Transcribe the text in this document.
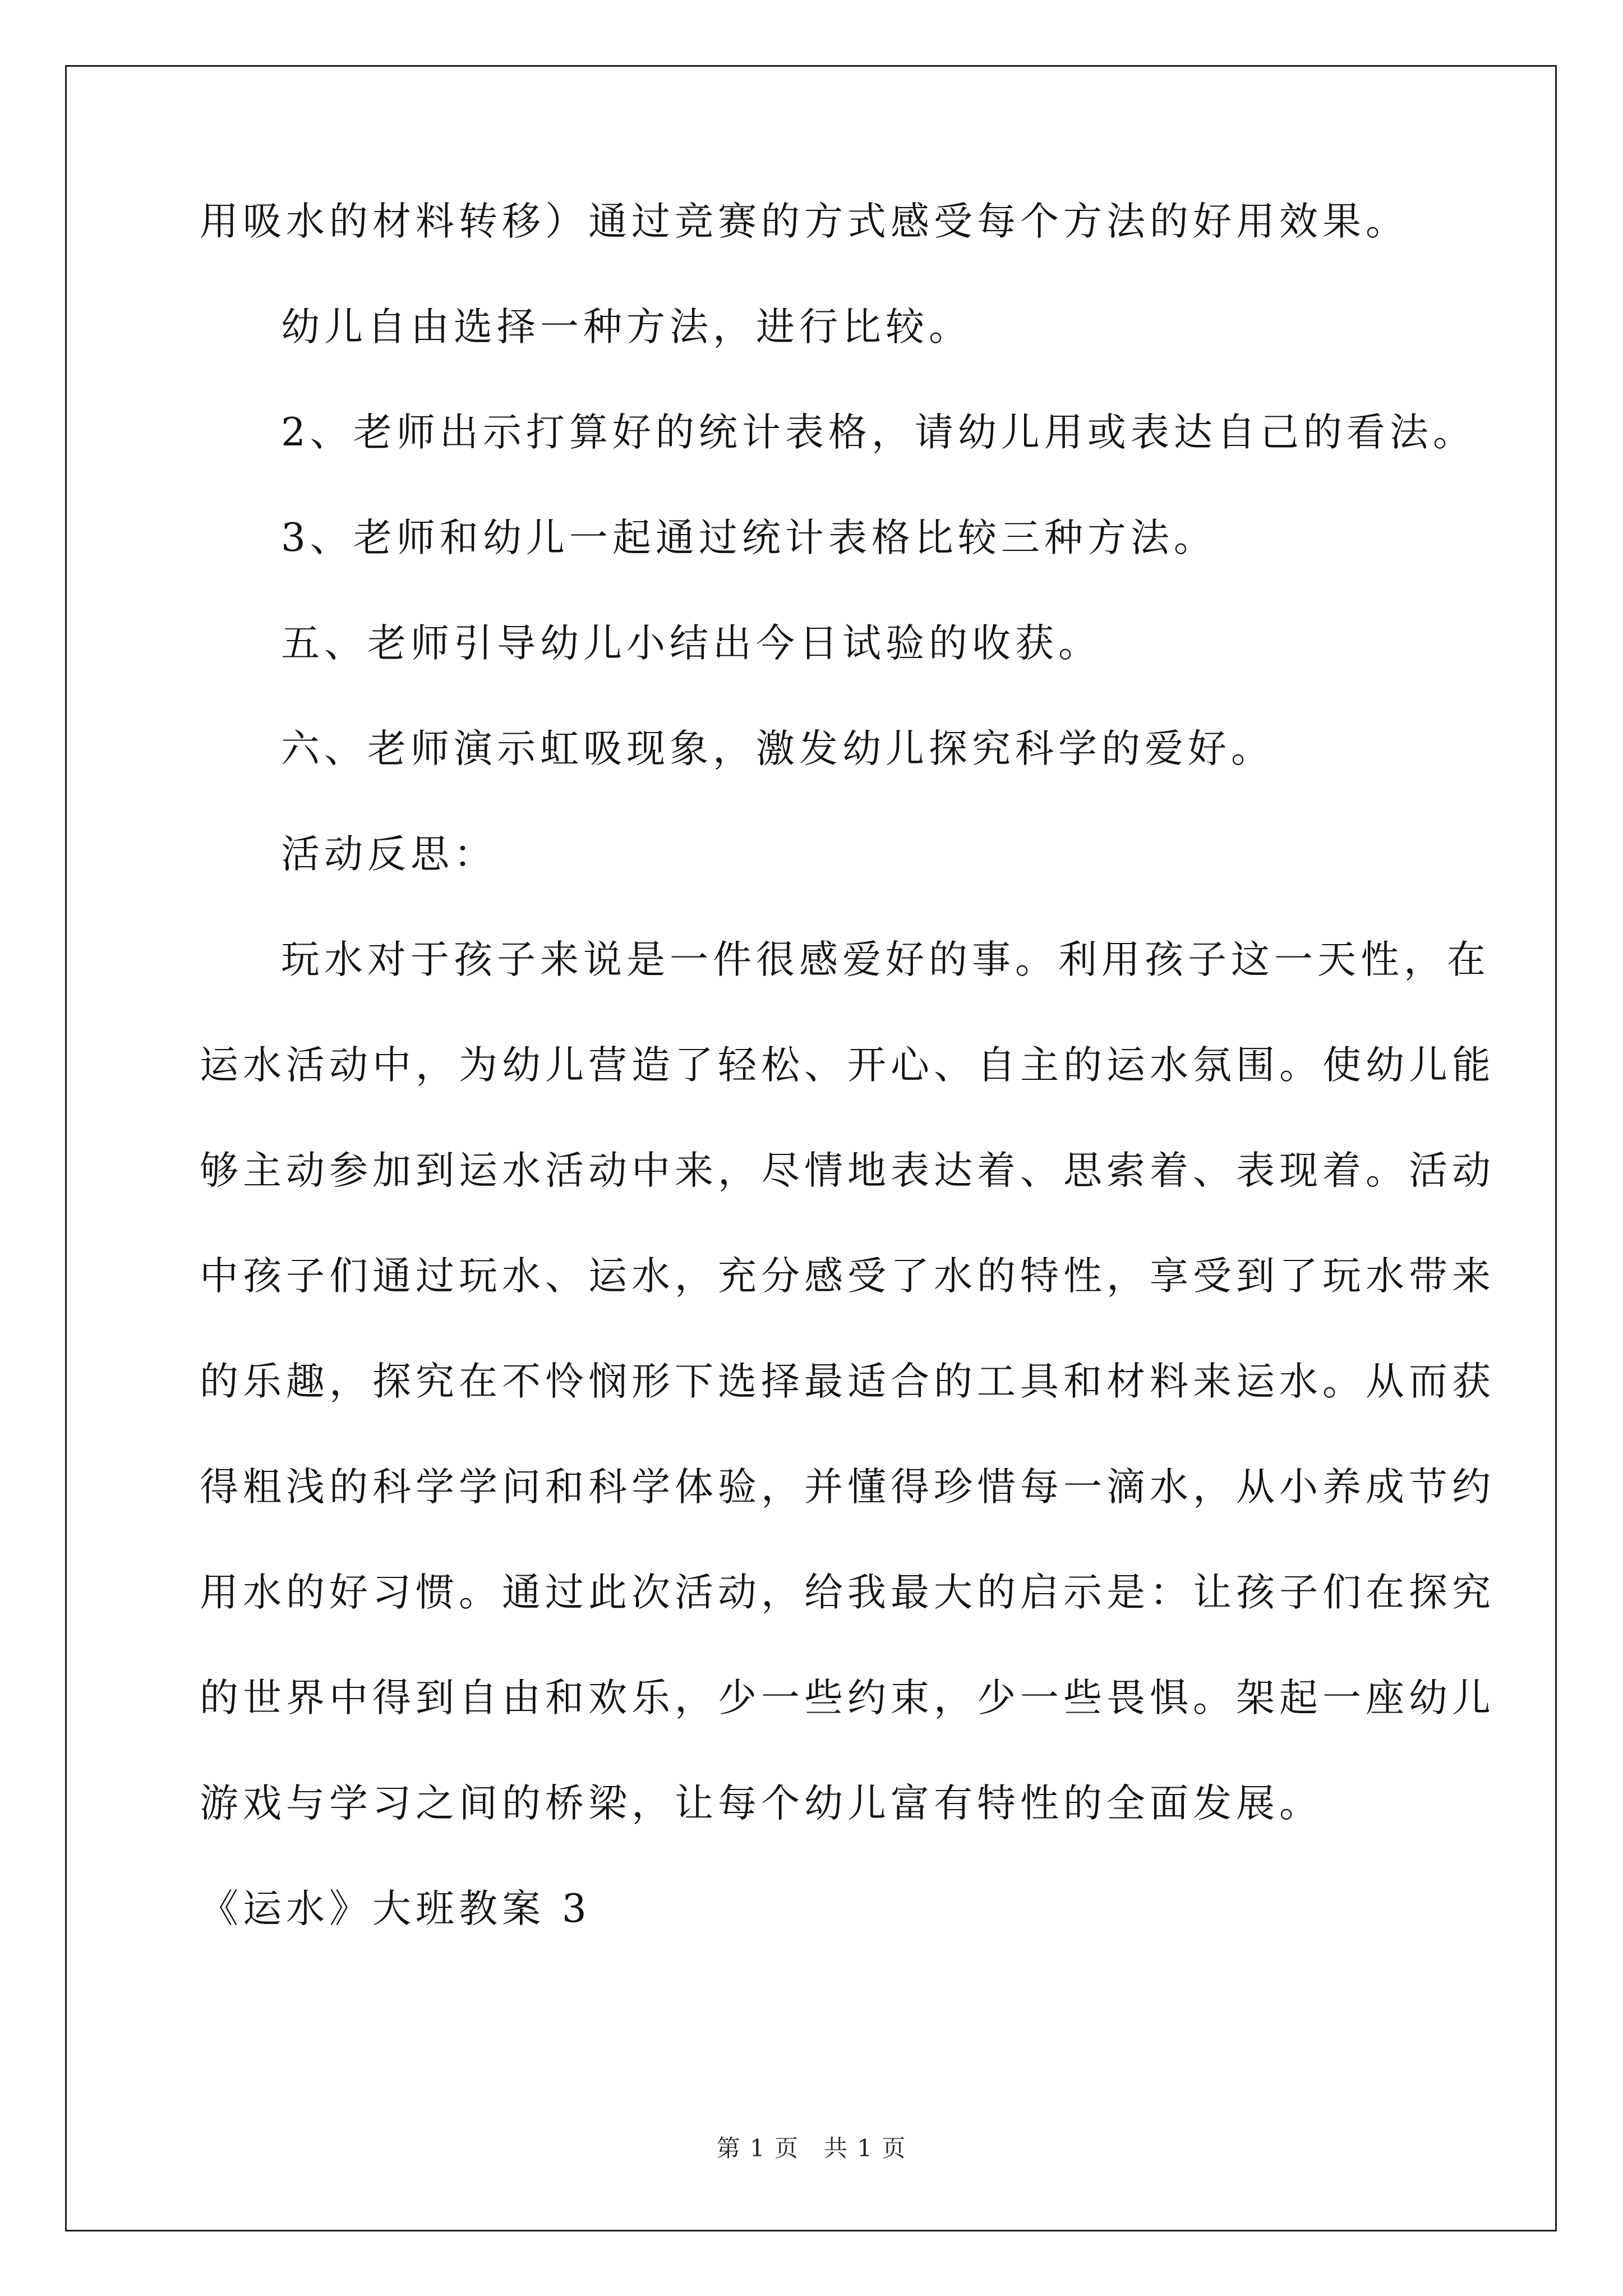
用吸水的材料转移）通过竞赛的方式感受每个方法的好用效果。
幼儿自由选择一种方法，进行比较。
2、老师出示打算好的统计表格，请幼儿用或表达自己的看法。
3、老师和幼儿一起通过统计表格比较三种方法。
五、老师引导幼儿小结出今日试验的收获。
六、老师演示虹吸现象，激发幼儿探究科学的爱好。
活动反思：
玩水对于孩子来说是一件很感爱好的事。利用孩子这一天性，在
运水活动中，为幼儿营造了轻松、开心、自主的运水氛围。使幼儿能
够主动参加到运水活动中来，尽情地表达着、思索着、表现着。活动
中孩子们通过玩水、运水，充分感受了水的特性，享受到了玩水带来
的乐趣，探究在不怜悯形下选择最适合的工具和材料来运水。从而获
得粗浅的科学学问和科学体验，并懂得珍惜每一滴水，从小养成节约
用水的好习惯。通过此次活动，给我最大的启示是：让孩子们在探究
的世界中得到自由和欢乐，少一些约束，少一些畏惧。架起一座幼儿
游戏与学习之间的桥梁，让每个幼儿富有特性的全面发展。
《运水》大班教案 3
第 1 页　共 1 页
